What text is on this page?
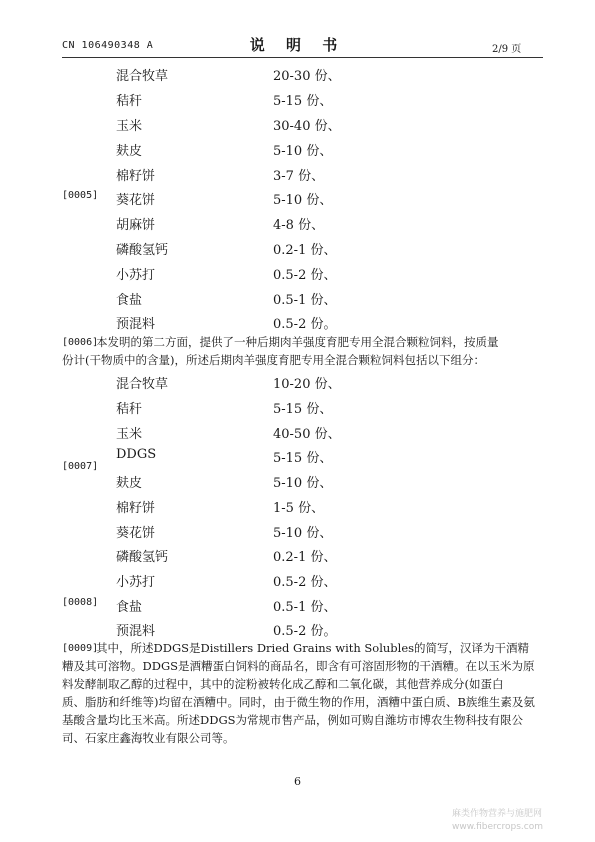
CN 106490348 A	说 明 书	2/9 页
混合牧草	20-30 份、
秸秆	5-15 份、
玉米	30-40 份、
麸皮	5-10 份、
棉籽饼	3-7 份、
葵花饼	5-10 份、
胡麻饼	4-8 份、
磷酸氢钙	0.2-1 份、
小苏打	0.5-2 份、
食盐	0.5-1 份、
预混料	0.5-2 份。
[0005]
[0006]
本发明的第二方面，提供了一种后期肉羊强度育肥专用全混合颗粒饲料，按质量
份计(干物质中的含量)，所述后期肉羊强度育肥专用全混合颗粒饲料包括以下组分：
混合牧草	10-20 份、
秸秆	5-15 份、
玉米	40-50 份、
DDGS	5-15 份、
麸皮	5-10 份、
棉籽饼	1-5 份、
葵花饼	5-10 份、
磷酸氢钙	0.2-1 份、
小苏打	0.5-2 份、
食盐	0.5-1 份、
预混料	0.5-2 份。
[0007]
[0008]
[0009]
其中，所述DDGS是Distillers Dried Grains with Solubles的简写，汉译为干酒精
糟及其可溶物。DDGS是酒糟蛋白饲料的商品名，即含有可溶固形物的干酒糟。在以玉米为原
料发酵制取乙醇的过程中，其中的淀粉被转化成乙醇和二氧化碳，其他营养成分(如蛋白
质、脂肪和纤维等)均留在酒糟中。同时，由于微生物的作用，酒糟中蛋白质、B族维生素及氨
基酸含量均比玉米高。所述DDGS为常规市售产品，例如可购自潍坊市博农生物科技有限公
司、石家庄鑫海牧业有限公司等。
6
麻类作物营养与施肥网
www.fibercrops.com
